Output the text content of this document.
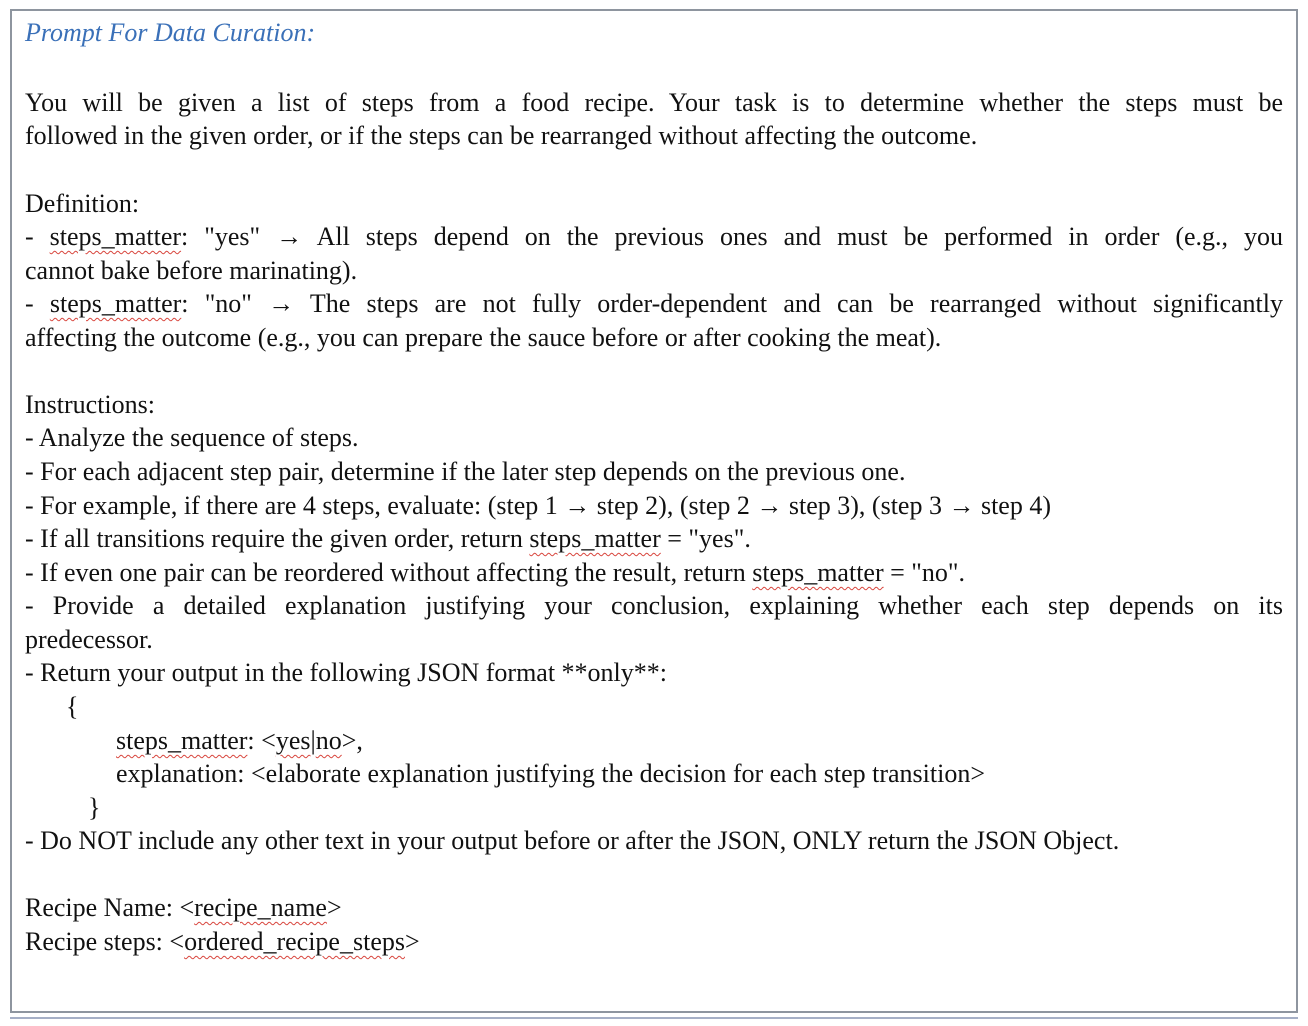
Prompt For Data Curation:
You will be given a list of steps from a food recipe. Your task is to determine whether the steps must be
followed in the given order, or if the steps can be rearranged without affecting the outcome.
Definition:
- steps_matter: "yes" → All steps depend on the previous ones and must be performed in order (e.g., you
cannot bake before marinating).
- steps_matter: "no" → The steps are not fully order-dependent and can be rearranged without significantly
affecting the outcome (e.g., you can prepare the sauce before or after cooking the meat).
Instructions:
- Analyze the sequence of steps.
- For each adjacent step pair, determine if the later step depends on the previous one.
- For example, if there are 4 steps, evaluate: (step 1 → step 2), (step 2 → step 3), (step 3 → step 4)
- If all transitions require the given order, return steps_matter = "yes".
- If even one pair can be reordered without affecting the result, return steps_matter = "no".
- Provide a detailed explanation justifying your conclusion, explaining whether each step depends on its
predecessor.
- Return your output in the following JSON format **only**:
{
steps_matter: <yes|no>,
explanation: <elaborate explanation justifying the decision for each step transition>
}
- Do NOT include any other text in your output before or after the JSON, ONLY return the JSON Object.
Recipe Name: <recipe_name>
Recipe steps: <ordered_recipe_steps>
